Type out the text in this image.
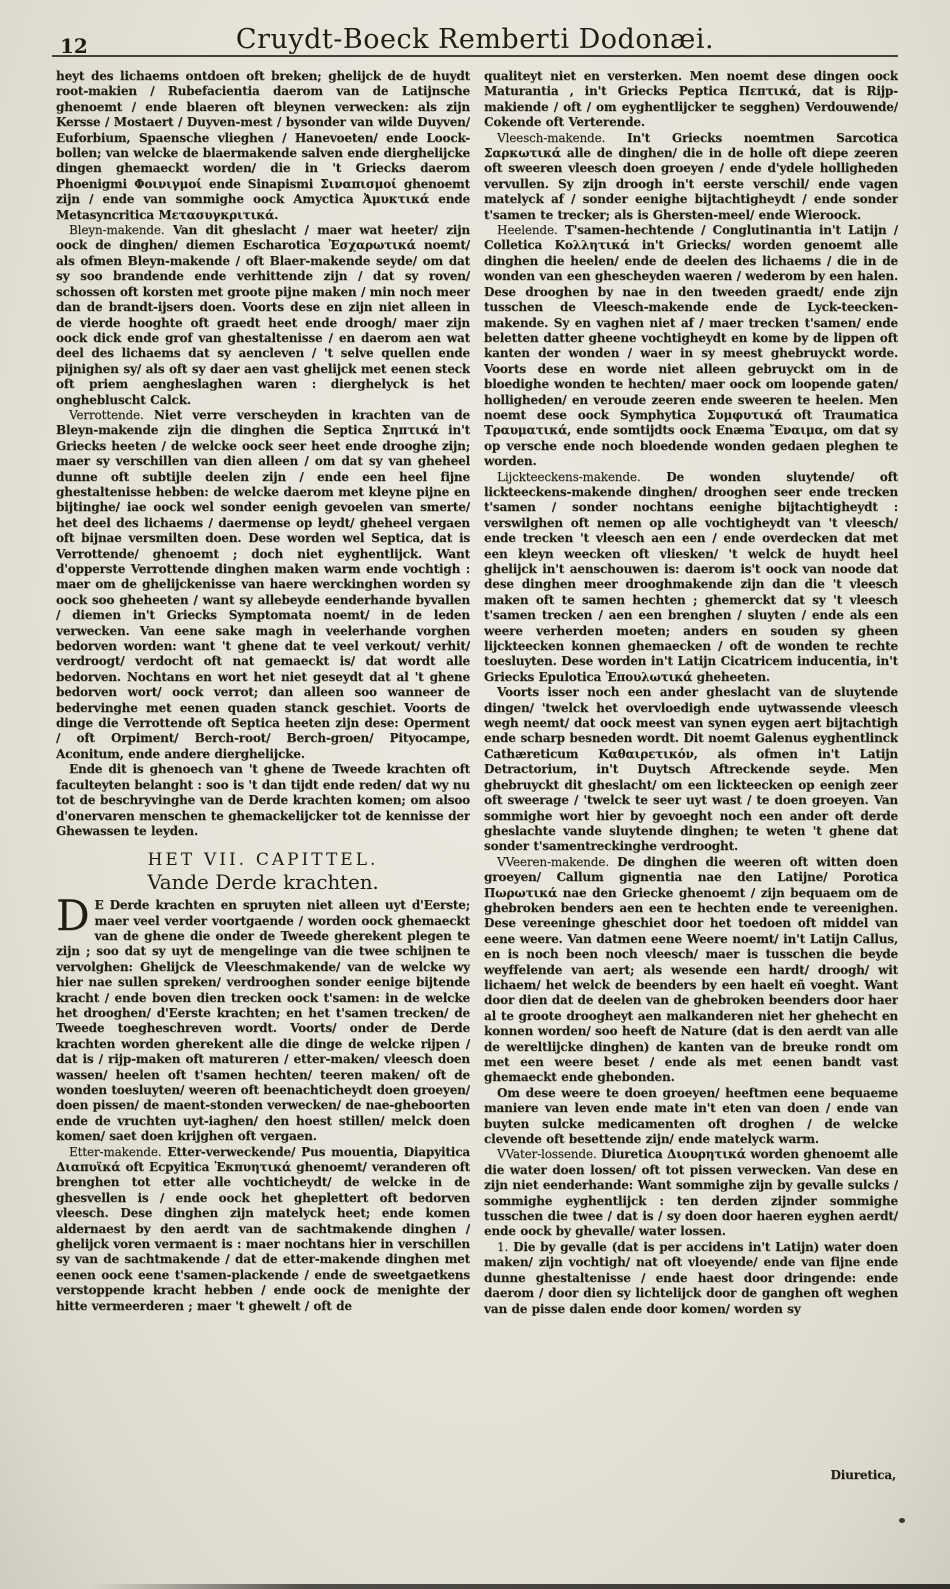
12	Cruydt-Boeck Remberti Dodonæi.

heyt des lichaems ontdoen oft breken; ghelijck de de huydt root-makien / Rubefacientia daerom van de Latijnsche ghenoemt / ende blaeren oft bleynen verwecken: als zijn Kersse / Mostaert / Duyven-mest / bysonder van wilde Duyven/ Euforbium, Spaensche vlieghen / Hanevoeten/ ende Loock-bollen; van welcke de blaermakende salven ende dierghelijcke dingen ghemaeckt worden/ die in 't Griecks daerom Phoenigmi Φοινιγμοί ende Sinapismi Σιναπισμοί ghenoemt zijn / ende van sommighe oock Amyctica Ἀμυκτικά ende Metasyncritica Μετασυγκριτικά.

Bleyn-makende. Van dit gheslacht / maer wat heeter/ zijn oock de dinghen/ diemen Escharotica Ἐσχαρωτικά noemt/ als ofmen Bleyn-makende / oft Blaer-makende seyde/ om dat sy soo brandende ende verhittende zijn / dat sy roven/ schossen oft korsten met groote pijne maken / min noch meer dan de brandt-ijsers doen. Voorts dese en zijn niet alleen in de vierde hooghte oft graedt heet ende droogh/ maer zijn oock dick ende grof van ghestaltenisse / en daerom aen wat deel des lichaems dat sy aencleven / 't selve quellen ende pijnighen sy/ als oft sy daer aen vast ghelijck met eenen steck oft priem aengheslaghen waren : dierghelyck is het onghebluscht Calck.

Verrottende. Niet verre verscheyden in krachten van de Bleyn-makende zijn die dinghen die Septica Σηπτικά in't Griecks heeten / de welcke oock seer heet ende drooghe zijn; maer sy verschillen van dien alleen / om dat sy van gheheel dunne oft subtijle deelen zijn / ende een heel fijne ghestaltenisse hebben: de welcke daerom met kleyne pijne en bijtinghe/ iae oock wel sonder eenigh gevoelen van smerte/ het deel des lichaems / daermense op leydt/ gheheel vergaen oft bijnae versmilten doen. Dese worden wel Septica, dat is Verrottende/ ghenoemt ; doch niet eyghentlijck. Want d'opperste Verrottende dinghen maken warm ende vochtigh : maer om de ghelijckenisse van haere werckinghen worden sy oock soo gheheeten / want sy allebeyde eenderhande byvallen / diemen in't Griecks Symptomata noemt/ in de leden verwecken. Van eene sake magh in veelerhande vorghen bedorven worden: want 't ghene dat te veel verkout/ verhit/ verdroogt/ verdocht oft nat gemaeckt is/ dat wordt alle bedorven. Nochtans en wort het niet geseydt dat al 't ghene bedorven wort/ oock verrot; dan alleen soo wanneer de bedervinghe met eenen quaden stanck geschiet. Voorts de dinge die Verrottende oft Septica heeten zijn dese: Operment / oft Orpiment/ Berch-root/ Berch-groen/ Pityocampe, Aconitum, ende andere dierghelijcke.

Ende dit is ghenoech van 't ghene de Tweede krachten oft faculteyten belanght : soo is 't dan tijdt ende reden/ dat wy nu tot de beschryvinghe van de Derde krachten komen; om alsoo d'onervaren menschen te ghemackelijcker tot de kennisse der Ghewassen te leyden.

HET VII. CAPITTEL.
Vande Derde krachten.

D E Derde krachten en spruyten niet alleen uyt d'Eerste; maer veel verder voortgaende / worden oock ghemaeckt van de ghene die onder de Tweede gherekent plegen te zijn ; soo dat sy uyt de mengelinge van die twee schijnen te vervolghen: Ghelijck de Vleeschmakende/ van de welcke wy hier nae sullen spreken/ verdrooghen sonder eenige bijtende kracht / ende boven dien trecken oock t'samen: in de welcke het drooghen/ d'Eerste krachten; en het t'samen trecken/ de Tweede toegheschreven wordt. Voorts/ onder de Derde krachten worden gherekent alle die dinge de welcke rijpen / dat is / rijp-maken oft matureren / etter-maken/ vleesch doen wassen/ heelen oft t'samen hechten/ teeren maken/ oft de wonden toesluyten/ weeren oft beenachticheydt doen groeyen/ doen pissen/ de maent-stonden verwecken/ de nae-gheboorten ende de vruchten uyt-iaghen/ den hoest stillen/ melck doen komen/ saet doen krijghen oft vergaen.

Etter-makende. Etter-verweckende/ Pus mouentia, Diapyitica Διαπυϊκά oft Ecpyitica Ἐκπυητικά ghenoemt/ veranderen oft brenghen tot etter alle vochticheydt/ de welcke in de ghesvellen is / ende oock het gheplettert oft bedorven vleesch. Dese dinghen zijn matelyck heet; ende komen aldernaest by den aerdt van de sachtmakende dinghen / ghelijck voren vermaent is : maer nochtans hier in verschillen sy van de sachtmakende / dat de etter-makende dinghen met eenen oock eene t'samen-plackende / ende de sweetgaetkens verstoppende kracht hebben / ende oock de menighte der hitte vermeerderen ; maer 't ghewelt / oft de

qualiteyt niet en versterken. Men noemt dese dingen oock Maturantia , in't Griecks Peptica Πεπτικά, dat is Rijp-makiende / oft / om eyghentlijcker te segghen) Verdouwende/ Cokende oft Verterende.

Vleesch-makende. In't Griecks noemtmen Sarcotica Σαρκωτικά alle de dinghen/ die in de holle oft diepe zeeren oft sweeren vleesch doen groeyen / ende d'ydele holligheden vervullen. Sy zijn droogh in't eerste verschil/ ende vagen matelyck af / sonder eenighe bijtachtigheydt / ende sonder t'samen te trecker; als is Ghersten-meel/ ende Wieroock.

Heelende. T'samen-hechtende / Conglutinantia in't Latijn / Colletica Κολλητικά in't Griecks/ worden genoemt alle dinghen die heelen/ ende de deelen des lichaems / die in de wonden van een ghescheyden waeren / wederom by een halen. Dese drooghen by nae in den tweeden graedt/ ende zijn tusschen de Vleesch-makende ende de Lyck-teecken-makende. Sy en vaghen niet af / maer trecken t'samen/ ende beletten datter gheene vochtigheydt en kome by de lippen oft kanten der wonden / waer in sy meest ghebruyckt worde. Voorts dese en worde niet alleen gebruyckt om in de bloedighe wonden te hechten/ maer oock om loopende gaten/ holligheden/ en veroude zeeren ende sweeren te heelen. Men noemt dese oock Symphytica Συμφυτικά oft Traumatica Τραυματικά, ende somtijdts oock Enæma Ἔναιμα, om dat sy op versche ende noch bloedende wonden gedaen pleghen te worden.

Lijckteeckens-makende. De wonden sluytende/ oft lickteeckens-makende dinghen/ drooghen seer ende trecken t'samen / sonder nochtans eenighe bijtachtigheydt : verswilghen oft nemen op alle vochtigheydt van 't vleesch/ ende trecken 't vleesch aen een / ende overdecken dat met een kleyn weecken oft vliesken/ 't welck de huydt heel ghelijck in't aenschouwen is: daerom is't oock van noode dat dese dinghen meer drooghmakende zijn dan die 't vleesch maken oft te samen hechten ; ghemerckt dat sy 't vleesch t'samen trecken / aen een brenghen / sluyten / ende als een weere verherden moeten; anders en souden sy gheen lijckteecken konnen ghemaecken / oft de wonden te rechte toesluyten. Dese worden in't Latijn Cicatricem inducentia, in't Griecks Epulotica Ἐπουλωτικά gheheeten.

Voorts isser noch een ander gheslacht van de sluytende dingen/ 'twelck het overvloedigh ende uytwassende vleesch wegh neemt/ dat oock meest van synen eygen aert bijtachtigh ende scharp besneden wordt. Dit noemt Galenus eyghentlinck Cathæreticum Καθαιρετικόν, als ofmen in't Latijn Detractorium, in't Duytsch Aftreckende seyde. Men ghebruyckt dit gheslacht/ om een lickteecken op eenigh zeer oft sweerage / 'twelck te seer uyt wast / te doen groeyen. Van sommighe wort hier by gevoeght noch een ander oft derde gheslachte vande sluytende dinghen; te weten 't ghene dat sonder t'samentreckinghe verdrooght.

VVeeren-makende. De dinghen die weeren oft witten doen groeyen/ Callum gignentia nae den Latijne/ Porotica Πωρωτικά nae den Griecke ghenoemt / zijn bequaem om de ghebroken benders aen een te hechten ende te vereenighen. Dese vereeninge gheschiet door het toedoen oft middel van eene weere. Van datmen eene Weere noemt/ in't Latijn Callus, en is noch been noch vleesch/ maer is tusschen die beyde weyffelende van aert; als wesende een hardt/ droogh/ wit lichaem/ het welck de beenders by een haelt eñ voeght. Want door dien dat de deelen van de ghebroken beenders door haer al te groote droogheyt aen malkanderen niet her ghehecht en konnen worden/ soo heeft de Nature (dat is den aerdt van alle de wereltlijcke dinghen) de kanten van de breuke rondt om met een weere beset / ende als met eenen bandt vast ghemaeckt ende ghebonden.

Om dese weere te doen groeyen/ heeftmen eene bequaeme maniere van leven ende mate in't eten van doen / ende van buyten sulcke medicamenten oft droghen / de welcke clevende oft besettende zijn/ ende matelyck warm.

VVater-lossende. Diuretica Διουρητικά worden ghenoemt alle die water doen lossen/ oft tot pissen verwecken. Van dese en zijn niet eenderhande: Want sommighe zijn by gevalle sulcks / sommighe eyghentlijck : ten derden zijnder sommighe tusschen die twee / dat is / sy doen door haeren eyghen aerdt/ ende oock by ghevalle/ water lossen.

1. Die by gevalle (dat is per accidens in't Latijn) water doen maken/ zijn vochtigh/ nat oft vloeyende/ ende van fijne ende dunne ghestaltenisse / ende haest door dringende: ende daerom / door dien sy lichtelijck door de ganghen oft weghen van de pisse dalen ende door komen/ worden sy

Diuretica,
